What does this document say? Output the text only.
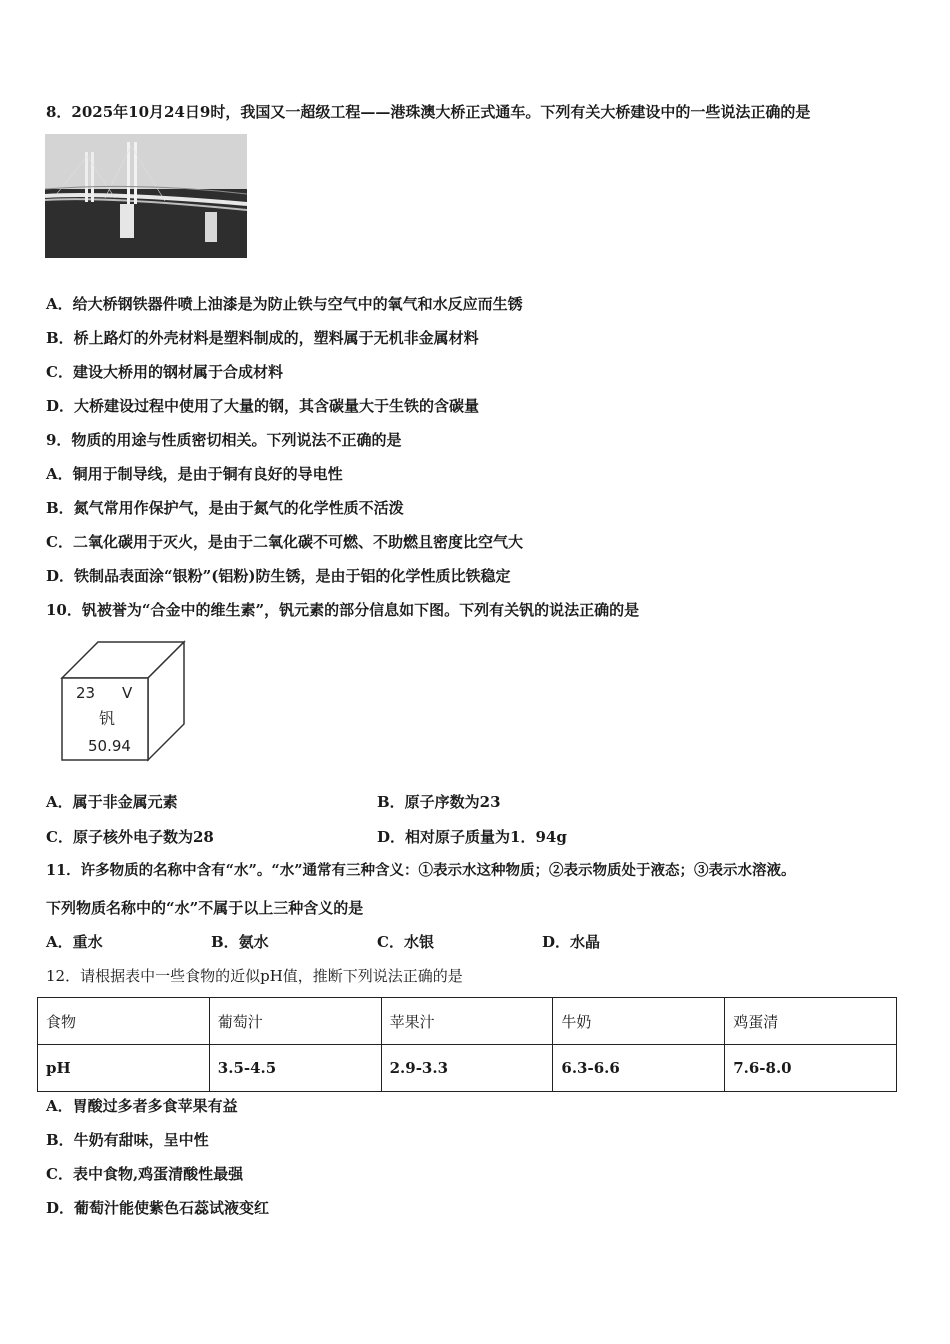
8．2025年10月24日9时，我国又一超级工程——港珠澳大桥正式通车。下列有关大桥建设中的一些说法正确的是
A．给大桥钢铁器件喷上油漆是为防止铁与空气中的氧气和水反应而生锈
B．桥上路灯的外壳材料是塑料制成的，塑料属于无机非金属材料
C．建设大桥用的钢材属于合成材料
D．大桥建设过程中使用了大量的钢，其含碳量大于生铁的含碳量
9．物质的用途与性质密切相关。下列说法不正确的是
A．铜用于制导线，是由于铜有良好的导电性
B．氮气常用作保护气，是由于氮气的化学性质不活泼
C．二氧化碳用于灭火，是由于二氧化碳不可燃、不助燃且密度比空气大
D．铁制品表面涂“银粉”(铝粉)防生锈，是由于铝的化学性质比铁稳定
10．钒被誉为“合金中的维生素”，钒元素的部分信息如下图。下列有关钒的说法正确的是
23 V
钒
50.94
A．属于非金属元素	B．原子序数为23
C．原子核外电子数为28	D．相对原子质量为1．94g
11．许多物质的名称中含有“水”。“水”通常有三种含义：①表示水这种物质；②表示物质处于液态；③表示水溶液。
下列物质名称中的“水”不属于以上三种含义的是
A．重水	B．氨水	C．水银	D．水晶
12．请根据表中一些食物的近似pH值，推断下列说法正确的是
食物	葡萄汁	苹果汁	牛奶	鸡蛋清
pH	3.5-4.5	2.9-3.3	6.3-6.6	7.6-8.0
A．胃酸过多者多食苹果有益
B．牛奶有甜味，呈中性
C．表中食物,鸡蛋清酸性最强
D．葡萄汁能使紫色石蕊试液变红
